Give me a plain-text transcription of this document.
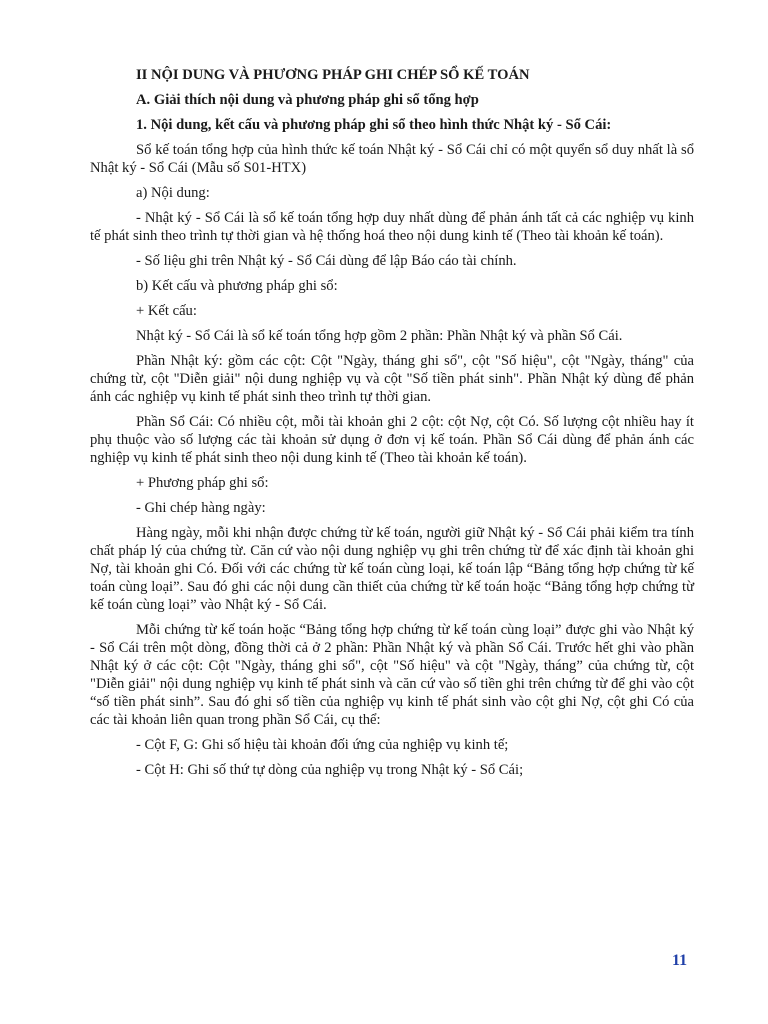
II NỘI DUNG VÀ PHƯƠNG PHÁP GHI CHÉP SỔ KẾ TOÁN

A. Giải thích nội dung và phương pháp ghi sổ tổng hợp

1. Nội dung, kết cấu và phương pháp ghi sổ theo hình thức Nhật ký - Sổ Cái:

Sổ kế toán tổng hợp của hình thức kế toán Nhật ký - Sổ Cái chỉ có một quyển sổ duy nhất là sổ Nhật ký - Sổ Cái (Mẫu số S01-HTX)

a) Nội dung:

- Nhật ký - Sổ Cái là sổ kế toán tổng hợp duy nhất dùng để phản ánh tất cả các nghiệp vụ kinh tế phát sinh theo trình tự thời gian và hệ thống hoá theo nội dung kinh tế (Theo tài khoản kế toán).

- Số liệu ghi trên Nhật ký - Sổ Cái dùng để lập Báo cáo tài chính.

b) Kết cấu và phương pháp ghi sổ:

+ Kết cấu:

Nhật ký - Sổ Cái là sổ kế toán tổng hợp gồm 2 phần: Phần Nhật ký và phần Sổ Cái.

Phần Nhật ký: gồm các cột: Cột "Ngày, tháng ghi sổ", cột "Số hiệu", cột "Ngày, tháng" của chứng từ, cột "Diễn giải" nội dung nghiệp vụ và cột "Số tiền phát sinh". Phần Nhật ký dùng để phản ánh các nghiệp vụ kinh tế phát sinh theo trình tự thời gian.

Phần Sổ Cái: Có nhiều cột, mỗi tài khoản ghi 2 cột: cột Nợ, cột Có. Số lượng cột nhiều hay ít phụ thuộc vào số lượng các tài khoản sử dụng ở đơn vị kế toán. Phần Sổ Cái dùng để phản ánh các nghiệp vụ kinh tế phát sinh theo nội dung kinh tế (Theo tài khoản kế toán).

+ Phương pháp ghi sổ:

- Ghi chép hàng ngày:

Hàng ngày, mỗi khi nhận được chứng từ kế toán, người giữ Nhật ký - Sổ Cái phải kiểm tra tính chất pháp lý của chứng từ. Căn cứ vào nội dung nghiệp vụ ghi trên chứng từ để xác định tài khoản ghi Nợ, tài khoản ghi Có. Đối với các chứng từ kế toán cùng loại, kế toán lập “Bảng tổng hợp chứng từ kế toán cùng loại”. Sau đó ghi các nội dung cần thiết của chứng từ kế toán hoặc “Bảng tổng hợp chứng từ kế toán cùng loại” vào Nhật ký - Sổ Cái.

Mỗi chứng từ kế toán hoặc “Bảng tổng hợp chứng từ kế toán cùng loại” được ghi vào Nhật ký - Sổ Cái trên một dòng, đồng thời cả ở 2 phần: Phần Nhật ký và phần Sổ Cái. Trước hết ghi vào phần Nhật ký ở các cột: Cột "Ngày, tháng ghi sổ", cột "Số hiệu" và cột "Ngày, tháng” của chứng từ, cột "Diễn giải" nội dung nghiệp vụ kinh tế phát sinh và căn cứ vào số tiền ghi trên chứng từ để ghi vào cột “số tiền phát sinh”. Sau đó ghi số tiền của nghiệp vụ kinh tế phát sinh vào cột ghi Nợ, cột ghi Có của các tài khoản liên quan trong phần Sổ Cái, cụ thể:

- Cột F, G: Ghi số hiệu tài khoản đối ứng của nghiệp vụ kinh tế;

- Cột H: Ghi số thứ tự dòng của nghiệp vụ trong Nhật ký - Sổ Cái;

11
